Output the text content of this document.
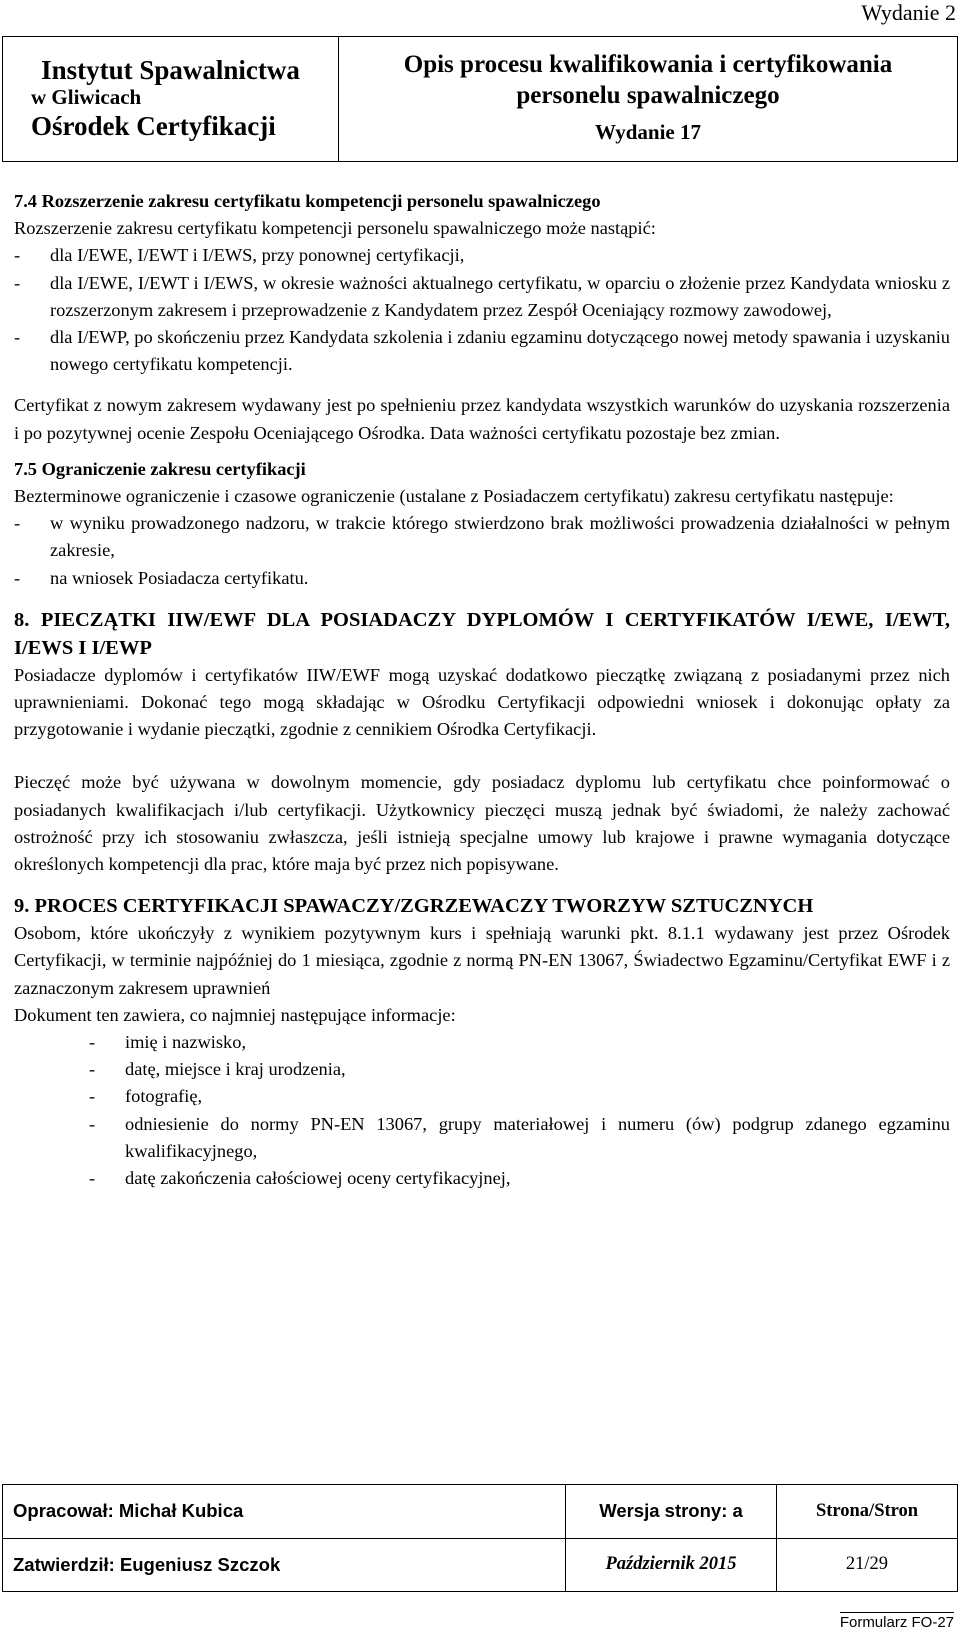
Wydanie 2
Instytut Spawalnictwa
w Gliwicach
Ośrodek Certyfikacji

Opis procesu kwalifikowania i certyfikowania
personelu spawalniczego
Wydanie 17

7.4 Rozszerzenie zakresu certyfikatu kompetencji personelu spawalniczego

Rozszerzenie zakresu certyfikatu kompetencji personelu spawalniczego może nastąpić:

- dla I/EWE, I/EWT i I/EWS, przy ponownej certyfikacji,
- dla I/EWE, I/EWT i I/EWS, w okresie ważności aktualnego certyfikatu, w oparciu o złożenie przez Kandydata wniosku z rozszerzonym zakresem i przeprowadzenie z Kandydatem przez Zespół Oceniający rozmowy zawodowej,
- dla I/EWP, po skończeniu przez Kandydata szkolenia i zdaniu egzaminu dotyczącego nowej metody spawania i uzyskaniu nowego certyfikatu kompetencji.

Certyfikat z nowym zakresem wydawany jest po spełnieniu przez kandydata wszystkich warunków do uzyskania rozszerzenia i po pozytywnej ocenie Zespołu Oceniającego Ośrodka. Data ważności certyfikatu pozostaje bez zmian.

7.5 Ograniczenie zakresu certyfikacji

Bezterminowe ograniczenie i czasowe ograniczenie (ustalane z Posiadaczem certyfikatu) zakresu certyfikatu następuje:

- w wyniku prowadzonego nadzoru, w trakcie którego stwierdzono brak możliwości prowadzenia działalności w pełnym zakresie,
- na wniosek Posiadacza certyfikatu.

8. PIECZĄTKI IIW/EWF DLA POSIADACZY DYPLOMÓW I CERTYFIKATÓW I/EWE, I/EWT, I/EWS I I/EWP

Posiadacze dyplomów i certyfikatów IIW/EWF mogą uzyskać dodatkowo pieczątkę związaną z posiadanymi przez nich uprawnieniami. Dokonać tego mogą składając w Ośrodku Certyfikacji odpowiedni wniosek i dokonując opłaty za przygotowanie i wydanie pieczątki, zgodnie z cennikiem Ośrodka Certyfikacji.

Pieczęć może być używana w dowolnym momencie, gdy posiadacz dyplomu lub certyfikatu chce poinformować o posiadanych kwalifikacjach i/lub certyfikacji. Użytkownicy pieczęci muszą jednak być świadomi, że należy zachować ostrożność przy ich stosowaniu zwłaszcza, jeśli istnieją specjalne umowy lub krajowe i prawne wymagania dotyczące określonych kompetencji dla prac, które maja być przez nich popisywane.

9. PROCES CERTYFIKACJI SPAWACZY/ZGRZEWACZY TWORZYW SZTUCZNYCH

Osobom, które ukończyły z wynikiem pozytywnym kurs i spełniają warunki pkt. 8.1.1 wydawany jest przez Ośrodek Certyfikacji, w terminie najpóźniej do 1 miesiąca, zgodnie z normą PN-EN 13067, Świadectwo Egzaminu/Certyfikat EWF i z zaznaczonym zakresem uprawnień

Dokument ten zawiera, co najmniej następujące informacje:

- imię i nazwisko,
- datę, miejsce i kraj urodzenia,
- fotografię,
- odniesienie do normy PN-EN 13067, grupy materiałowej i numeru (ów) podgrup zdanego egzaminu kwalifikacyjnego,
- datę zakończenia całościowej oceny certyfikacyjnej,
Opracował: Michał Kubica	Wersja strony: a	Strona/Stron
Zatwierdził: Eugeniusz Szczok	Październik 2015	21/29
Formularz FO-27
